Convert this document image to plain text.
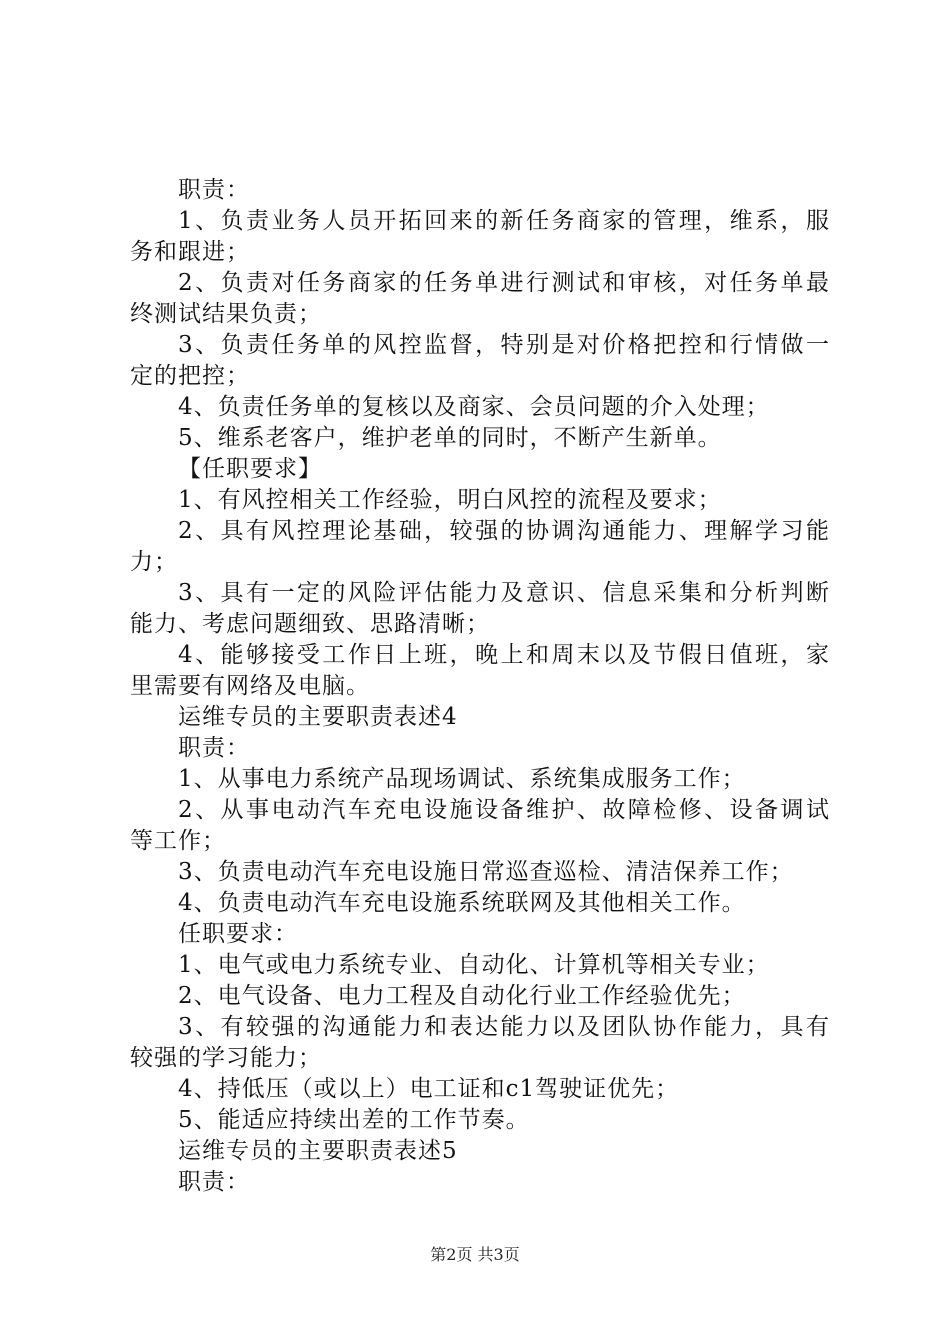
职责：
1、负责业务人员开拓回来的新任务商家的管理，维系，服
务和跟进；
2、负责对任务商家的任务单进行测试和审核，对任务单最
终测试结果负责；
3、负责任务单的风控监督，特别是对价格把控和行情做一
定的把控；
4、负责任务单的复核以及商家、会员问题的介入处理；
5、维系老客户，维护老单的同时，不断产生新单。
【任职要求】
1、有风控相关工作经验，明白风控的流程及要求；
2、具有风控理论基础，较强的协调沟通能力、理解学习能
力；
3、具有一定的风险评估能力及意识、信息采集和分析判断
能力、考虑问题细致、思路清晰；
4、能够接受工作日上班，晚上和周末以及节假日值班，家
里需要有网络及电脑。
运维专员的主要职责表述4
职责：
1、从事电力系统产品现场调试、系统集成服务工作；
2、从事电动汽车充电设施设备维护、故障检修、设备调试
等工作；
3、负责电动汽车充电设施日常巡查巡检、清洁保养工作；
4、负责电动汽车充电设施系统联网及其他相关工作。
任职要求：
1、电气或电力系统专业、自动化、计算机等相关专业；
2、电气设备、电力工程及自动化行业工作经验优先；
3、有较强的沟通能力和表达能力以及团队协作能力，具有
较强的学习能力；
4、持低压（或以上）电工证和c1驾驶证优先；
5、能适应持续出差的工作节奏。
运维专员的主要职责表述5
职责：
第2页 共3页
